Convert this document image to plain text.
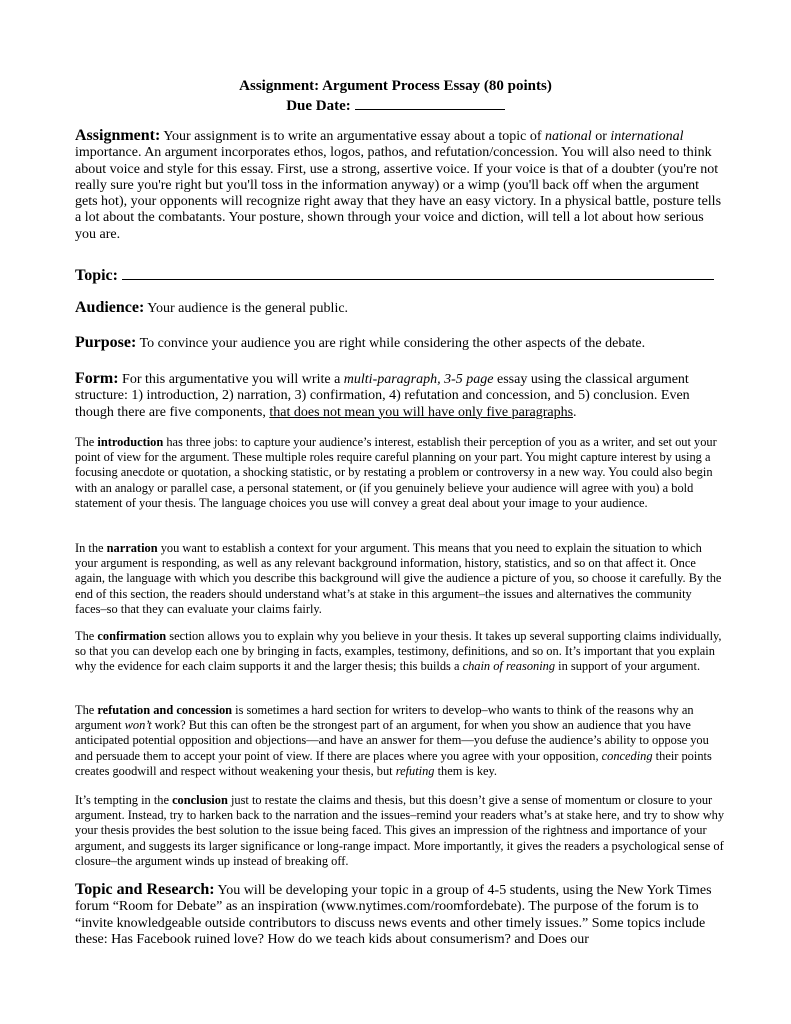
Assignment: Argument Process Essay (80 points)
Due Date:
Assignment: Your assignment is to write an argumentative essay about a topic of national or international importance. An argument incorporates ethos, logos, pathos, and refutation/concession. You will also need to think about voice and style for this essay. First, use a strong, assertive voice. If your voice is that of a doubter (you're not really sure you're right but you'll toss in the information anyway) or a wimp (you'll back off when the argument gets hot), your opponents will recognize right away that they have an easy victory. In a physical battle, posture tells a lot about the combatants. Your posture, shown through your voice and diction, will tell a lot about how serious you are.
Topic:
Audience: Your audience is the general public.
Purpose: To convince your audience you are right while considering the other aspects of the debate.
Form: For this argumentative you will write a multi-paragraph, 3-5 page essay using the classical argument structure: 1) introduction, 2) narration, 3) confirmation, 4) refutation and concession, and 5) conclusion. Even though there are five components, that does not mean you will have only five paragraphs.
The introduction has three jobs: to capture your audience’s interest, establish their perception of you as a writer, and set out your point of view for the argument. These multiple roles require careful planning on your part. You might capture interest by using a focusing anecdote or quotation, a shocking statistic, or by restating a problem or controversy in a new way. You could also begin with an analogy or parallel case, a personal statement, or (if you genuinely believe your audience will agree with you) a bold statement of your thesis. The language choices you use will convey a great deal about your image to your audience.
In the narration you want to establish a context for your argument. This means that you need to explain the situation to which your argument is responding, as well as any relevant background information, history, statistics, and so on that affect it. Once again, the language with which you describe this background will give the audience a picture of you, so choose it carefully. By the end of this section, the readers should understand what’s at stake in this argument–the issues and alternatives the community faces–so that they can evaluate your claims fairly.
The confirmation section allows you to explain why you believe in your thesis. It takes up several supporting claims individually, so that you can develop each one by bringing in facts, examples, testimony, definitions, and so on. It’s important that you explain why the evidence for each claim supports it and the larger thesis; this builds a chain of reasoning in support of your argument.
The refutation and concession is sometimes a hard section for writers to develop–who wants to think of the reasons why an argument won’t work? But this can often be the strongest part of an argument, for when you show an audience that you have anticipated potential opposition and objections—and have an answer for them—you defuse the audience’s ability to oppose you and persuade them to accept your point of view. If there are places where you agree with your opposition, conceding their points creates goodwill and respect without weakening your thesis, but refuting them is key.
It’s tempting in the conclusion just to restate the claims and thesis, but this doesn’t give a sense of momentum or closure to your argument. Instead, try to harken back to the narration and the issues–remind your readers what’s at stake here, and try to show why your thesis provides the best solution to the issue being faced. This gives an impression of the rightness and importance of your argument, and suggests its larger significance or long-range impact. More importantly, it gives the readers a psychological sense of closure–the argument winds up instead of breaking off.
Topic and Research: You will be developing your topic in a group of 4-5 students, using the New York Times forum “Room for Debate” as an inspiration (www.nytimes.com/roomfordebate). The purpose of the forum is to “invite knowledgeable outside contributors to discuss news events and other timely issues.” Some topics include these: Has Facebook ruined love? How do we teach kids about consumerism? and Does our
